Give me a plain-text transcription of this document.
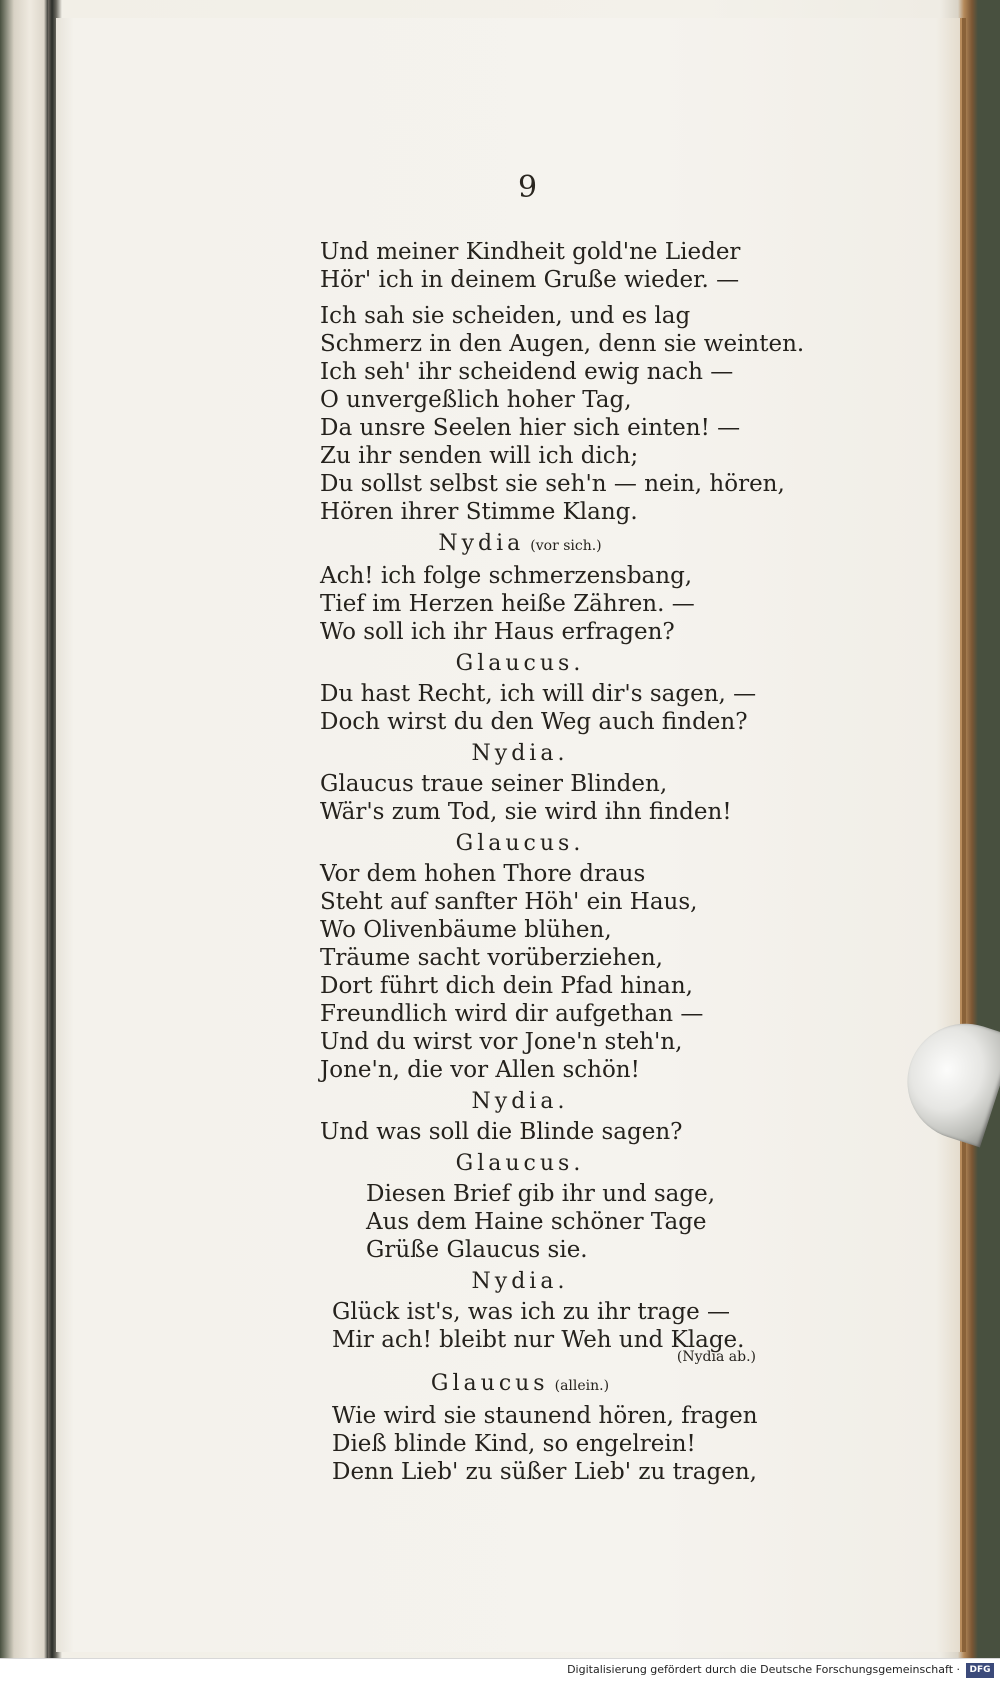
9

Und meiner Kindheit gold'ne Lieder

Hör' ich in deinem Gruße wieder. —

Ich sah sie scheiden, und es lag

Schmerz in den Augen, denn sie weinten.

Ich seh' ihr scheidend ewig nach —

O unvergeßlich hoher Tag,

Da unsre Seelen hier sich einten! —

Zu ihr senden will ich dich;

Du sollst selbst sie seh'n — nein, hören,

Hören ihrer Stimme Klang.

Nydia (vor sich.)

Ach! ich folge schmerzensbang,

Tief im Herzen heiße Zähren. —

Wo soll ich ihr Haus erfragen?

Glaucus.

Du hast Recht, ich will dir's sagen, —

Doch wirst du den Weg auch finden?

Nydia.

Glaucus traue seiner Blinden,

Wär's zum Tod, sie wird ihn finden!

Glaucus.

Vor dem hohen Thore draus

Steht auf sanfter Höh' ein Haus,

Wo Olivenbäume blühen,

Träume sacht vorüberziehen,

Dort führt dich dein Pfad hinan,

Freundlich wird dir aufgethan —

Und du wirst vor Jone'n steh'n,

Jone'n, die vor Allen schön!

Nydia.

Und was soll die Blinde sagen?

Glaucus.

Diesen Brief gib ihr und sage,

Aus dem Haine schöner Tage

Grüße Glaucus sie.

Nydia.

Glück ist's, was ich zu ihr trage —

Mir ach! bleibt nur Weh und Klage.

(Nydia ab.)
Glaucus (allein.)

Wie wird sie staunend hören, fragen

Dieß blinde Kind, so engelrein!

Denn Lieb' zu süßer Lieb' zu tragen,

Digitalisierung gefördert durch die Deutsche Forschungsgemeinschaft ·	DFG
